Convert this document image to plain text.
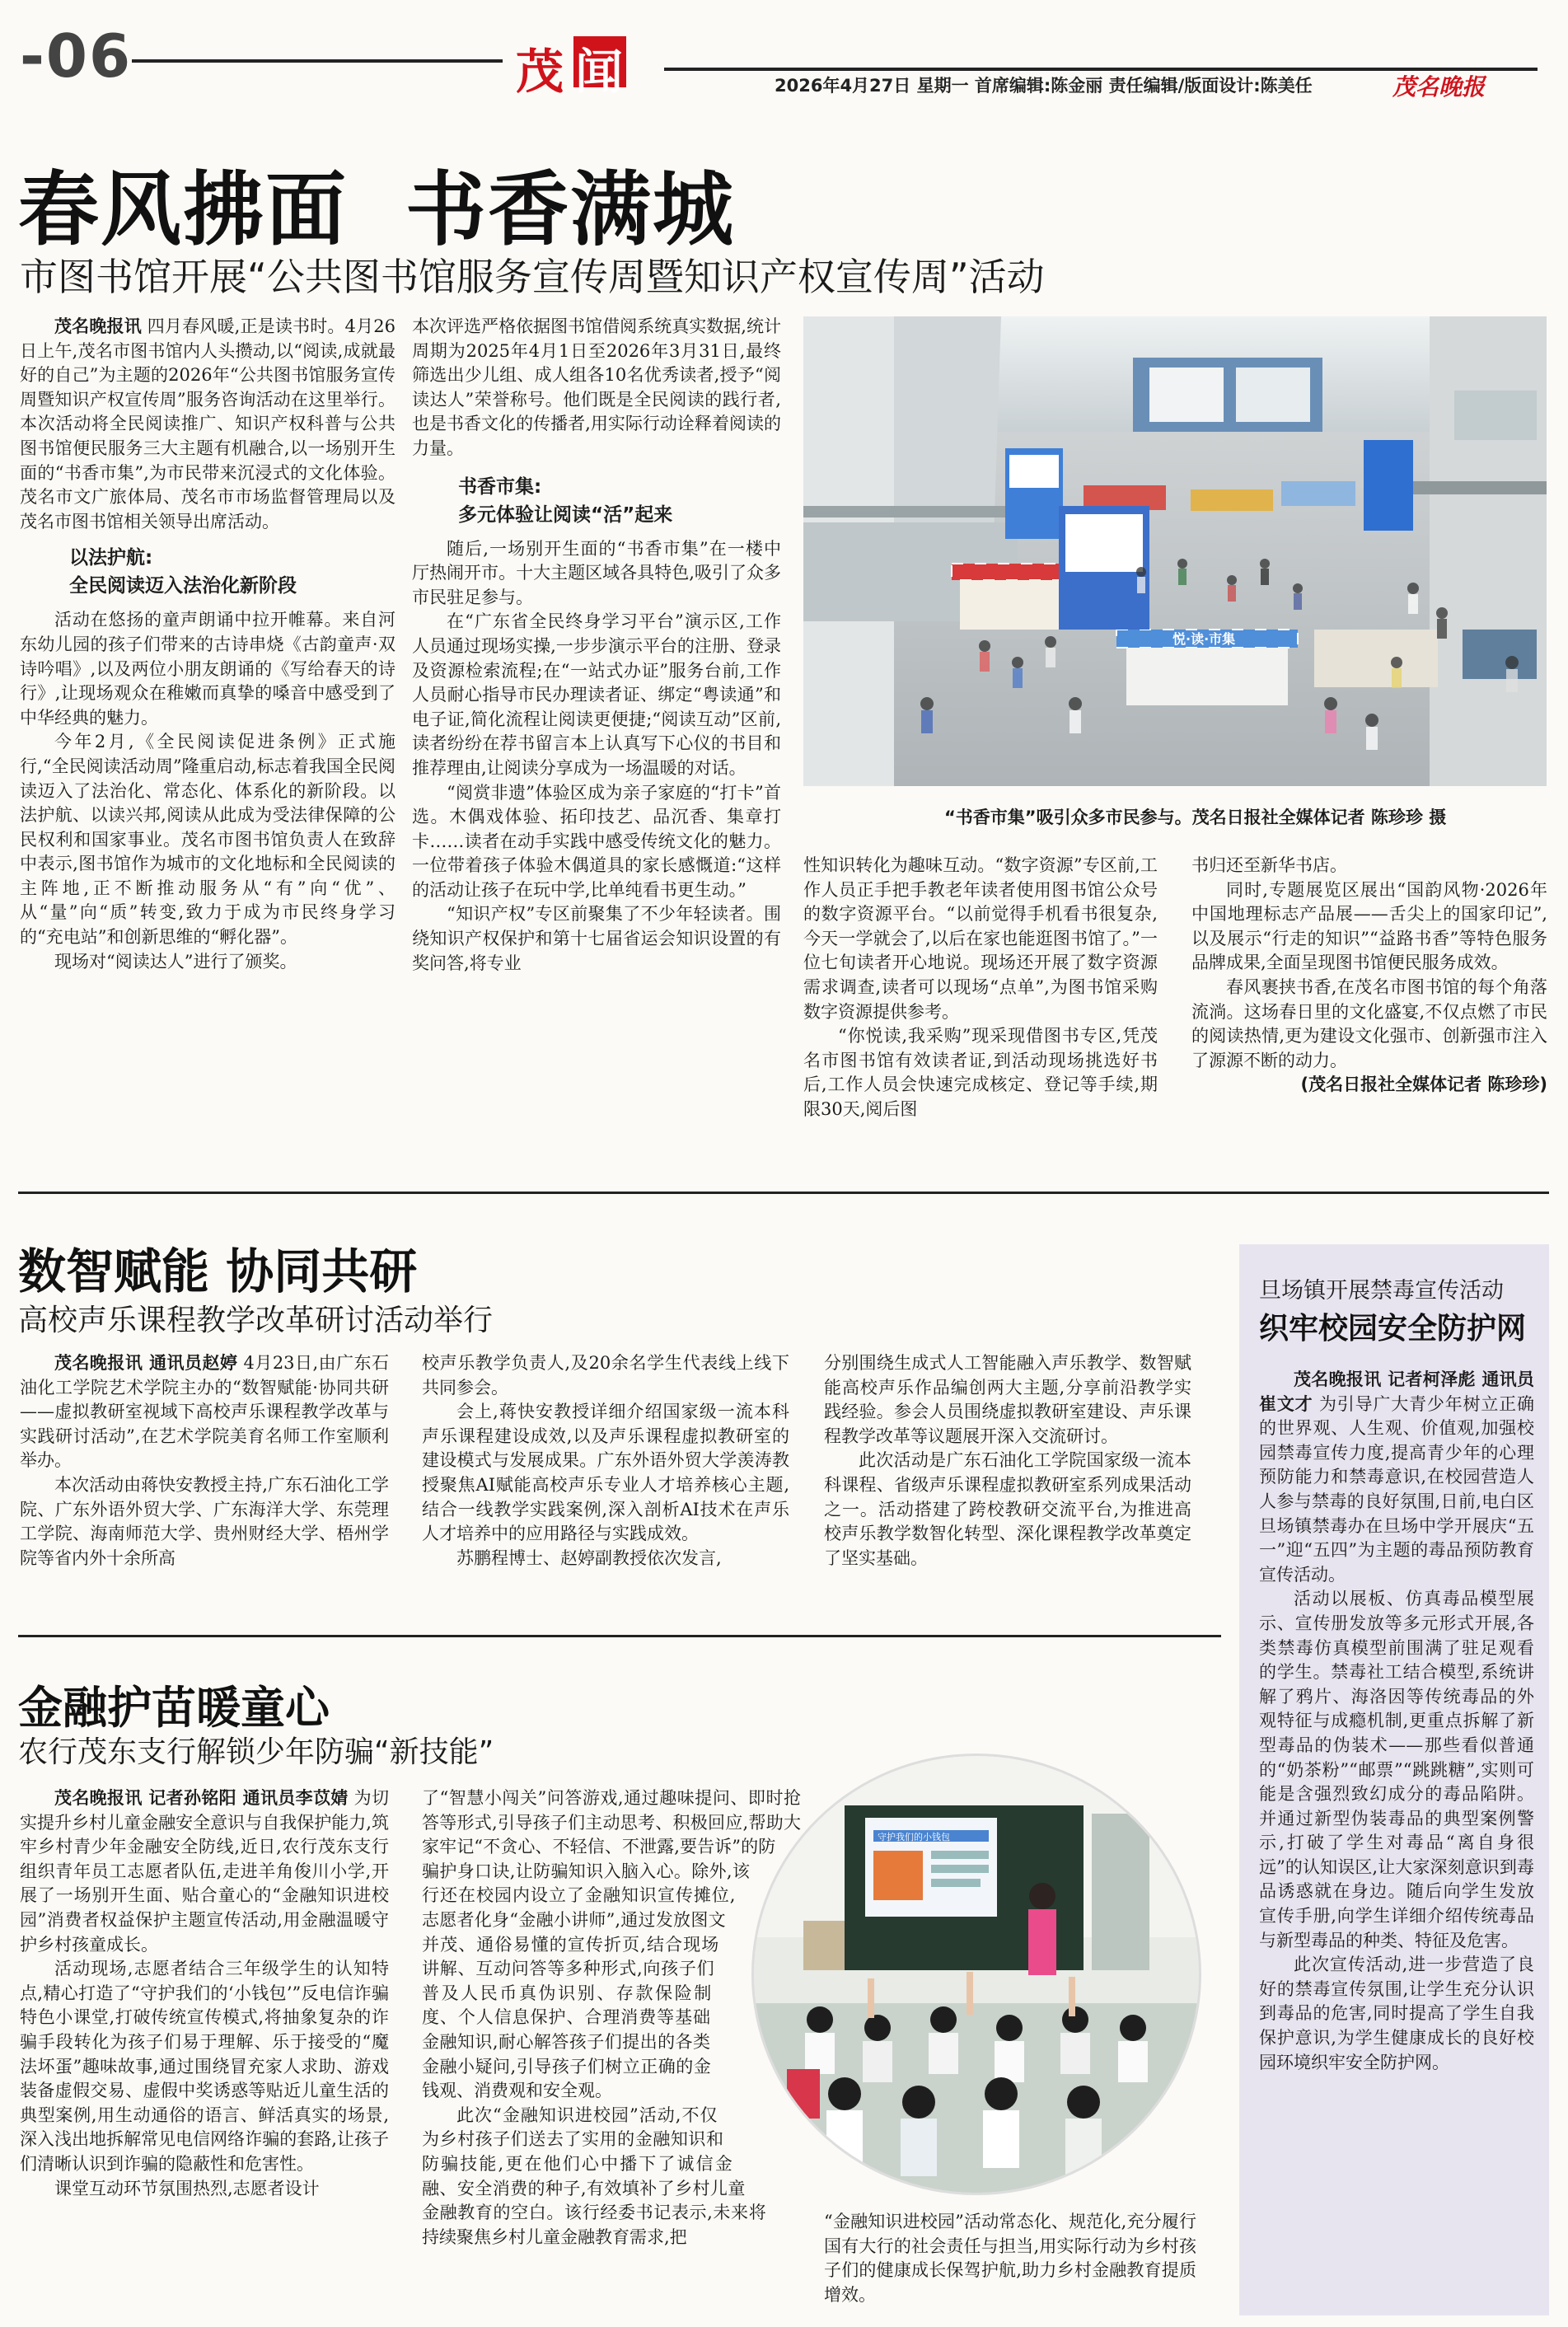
-06	茂 闻	2026年4月27日 星期一 首席编辑:陈金丽 责任编辑/版面设计:陈美任	茂名晚报
春风拂面 书香满城
市图书馆开展“公共图书馆服务宣传周暨知识产权宣传周”活动

茂名晚报讯 四月春风暖,正是读书时。4月26日上午,茂名市图书馆内人头攒动,以“阅读,成就最好的自己”为主题的2026年“公共图书馆服务宣传周暨知识产权宣传周”服务咨询活动在这里举行。本次活动将全民阅读推广、知识产权科普与公共图书馆便民服务三大主题有机融合,以一场别开生面的“书香市集”,为市民带来沉浸式的文化体验。茂名市文广旅体局、茂名市市场监督管理局以及茂名市图书馆相关领导出席活动。

以法护航:
全民阅读迈入法治化新阶段

活动在悠扬的童声朗诵中拉开帷幕。来自河东幼儿园的孩子们带来的古诗串烧《古韵童声·双诗吟唱》,以及两位小朋友朗诵的《写给春天的诗行》,让现场观众在稚嫩而真挚的嗓音中感受到了中华经典的魅力。

今年2月,《全民阅读促进条例》正式施行,“全民阅读活动周”隆重启动,标志着我国全民阅读迈入了法治化、常态化、体系化的新阶段。以法护航、以读兴邦,阅读从此成为受法律保障的公民权利和国家事业。茂名市图书馆负责人在致辞中表示,图书馆作为城市的文化地标和全民阅读的主阵地,正不断推动服务从“有”向“优”、从“量”向“质”转变,致力于成为市民终身学习的“充电站”和创新思维的“孵化器”。

现场对“阅读达人”进行了颁奖。

本次评选严格依据图书馆借阅系统真实数据,统计周期为2025年4月1日至2026年3月31日,最终筛选出少儿组、成人组各10名优秀读者,授予“阅读达人”荣誉称号。他们既是全民阅读的践行者,也是书香文化的传播者,用实际行动诠释着阅读的力量。

书香市集:
多元体验让阅读“活”起来

随后,一场别开生面的“书香市集”在一楼中厅热闹开市。十大主题区域各具特色,吸引了众多市民驻足参与。

在“广东省全民终身学习平台”演示区,工作人员通过现场实操,一步步演示平台的注册、登录及资源检索流程;在“一站式办证”服务台前,工作人员耐心指导市民办理读者证、绑定“粤读通”和电子证,简化流程让阅读更便捷;“阅读互动”区前,读者纷纷在荐书留言本上认真写下心仪的书目和推荐理由,让阅读分享成为一场温暖的对话。

“阅赏非遗”体验区成为亲子家庭的“打卡”首选。木偶戏体验、拓印技艺、品沉香、集章打卡……读者在动手实践中感受传统文化的魅力。一位带着孩子体验木偶道具的家长感慨道:“这样的活动让孩子在玩中学,比单纯看书更生动。”

“知识产权”专区前聚集了不少年轻读者。围绕知识产权保护和第十七届省运会知识设置的有奖问答,将专业

悦·读·市集
“书香市集”吸引众多市民参与。茂名日报社全媒体记者 陈珍珍 摄

性知识转化为趣味互动。“数字资源”专区前,工作人员正手把手教老年读者使用图书馆公众号的数字资源平台。“以前觉得手机看书很复杂,今天一学就会了,以后在家也能逛图书馆了。”一位七旬读者开心地说。现场还开展了数字资源需求调查,读者可以现场“点单”,为图书馆采购数字资源提供参考。

“你悦读,我采购”现采现借图书专区,凭茂名市图书馆有效读者证,到活动现场挑选好书后,工作人员会快速完成核定、登记等手续,期限30天,阅后图

书归还至新华书店。

同时,专题展览区展出“国韵风物·2026年中国地理标志产品展——舌尖上的国家印记”,以及展示“行走的知识”“益路书香”等特色服务品牌成果,全面呈现图书馆便民服务成效。

春风裹挟书香,在茂名市图书馆的每个角落流淌。这场春日里的文化盛宴,不仅点燃了市民的阅读热情,更为建设文化强市、创新强市注入了源源不断的动力。

(茂名日报社全媒体记者 陈珍珍)

数智赋能 协同共研
高校声乐课程教学改革研讨活动举行

茂名晚报讯 通讯员赵婷 4月23日,由广东石油化工学院艺术学院主办的“数智赋能·协同共研——虚拟教研室视域下高校声乐课程教学改革与实践研讨活动”,在艺术学院美育名师工作室顺利举办。

本次活动由蒋快安教授主持,广东石油化工学院、广东外语外贸大学、广东海洋大学、东莞理工学院、海南师范大学、贵州财经大学、梧州学院等省内外十余所高

校声乐教学负责人,及20余名学生代表线上线下共同参会。

会上,蒋快安教授详细介绍国家级一流本科声乐课程建设成效,以及声乐课程虚拟教研室的建设模式与发展成果。广东外语外贸大学羡涛教授聚焦AI赋能高校声乐专业人才培养核心主题,结合一线教学实践案例,深入剖析AI技术在声乐人才培养中的应用路径与实践成效。

苏鹏程博士、赵婷副教授依次发言,

分别围绕生成式人工智能融入声乐教学、数智赋能高校声乐作品编创两大主题,分享前沿教学实践经验。参会人员围绕虚拟教研室建设、声乐课程教学改革等议题展开深入交流研讨。

此次活动是广东石油化工学院国家级一流本科课程、省级声乐课程虚拟教研室系列成果活动之一。活动搭建了跨校教研交流平台,为推进高校声乐教学数智化转型、深化课程教学改革奠定了坚实基础。

金融护苗暖童心
农行茂东支行解锁少年防骗“新技能”

茂名晚报讯 记者孙铭阳 通讯员李苡婧 为切实提升乡村儿童金融安全意识与自我保护能力,筑牢乡村青少年金融安全防线,近日,农行茂东支行组织青年员工志愿者队伍,走进羊角俊川小学,开展了一场别开生面、贴合童心的“金融知识进校园”消费者权益保护主题宣传活动,用金融温暖守护乡村孩童成长。

活动现场,志愿者结合三年级学生的认知特点,精心打造了“守护我们的‘小钱包’”反电信诈骗特色小课堂,打破传统宣传模式,将抽象复杂的诈骗手段转化为孩子们易于理解、乐于接受的“魔法坏蛋”趣味故事,通过围绕冒充家人求助、游戏装备虚假交易、虚假中奖诱惑等贴近儿童生活的典型案例,用生动通俗的语言、鲜活真实的场景,深入浅出地拆解常见电信网络诈骗的套路,让孩子们清晰认识到诈骗的隐蔽性和危害性。

课堂互动环节氛围热烈,志愿者设计

了“智慧小闯关”问答游戏,通过趣味提问、即时抢答等形式,引导孩子们主动思考、积极回应,帮助大家牢记“不贪心、不轻信、不泄露,要告诉”的防骗护身口诀,让防骗知识入脑入心。除外,该行还在校园内设立了金融知识宣传摊位,志愿者化身“金融小讲师”,通过发放图文并茂、通俗易懂的宣传折页,结合现场讲解、互动问答等多种形式,向孩子们普及人民币真伪识别、存款保险制度、个人信息保护、合理消费等基础金融知识,耐心解答孩子们提出的各类金融小疑问,引导孩子们树立正确的金钱观、消费观和安全观。

此次“金融知识进校园”活动,不仅为乡村孩子们送去了实用的金融知识和防骗技能,更在他们心中播下了诚信金融、安全消费的种子,有效填补了乡村儿童金融教育的空白。该行经委书记表示,未来将持续聚焦乡村儿童金融教育需求,把

守护我们的小钱包

“金融知识进校园”活动常态化、规范化,充分履行国有大行的社会责任与担当,用实际行动为乡村孩子们的健康成长保驾护航,助力乡村金融教育提质增效。

旦场镇开展禁毒宣传活动
织牢校园安全防护网

茂名晚报讯 记者柯泽彪 通讯员崔文才 为引导广大青少年树立正确的世界观、人生观、价值观,加强校园禁毒宣传力度,提高青少年的心理预防能力和禁毒意识,在校园营造人人参与禁毒的良好氛围,日前,电白区旦场镇禁毒办在旦场中学开展庆“五一”迎“五四”为主题的毒品预防教育宣传活动。

活动以展板、仿真毒品模型展示、宣传册发放等多元形式开展,各类禁毒仿真模型前围满了驻足观看的学生。禁毒社工结合模型,系统讲解了鸦片、海洛因等传统毒品的外观特征与成瘾机制,更重点拆解了新型毒品的伪装术——那些看似普通的“奶茶粉”“邮票”“跳跳糖”,实则可能是含强烈致幻成分的毒品陷阱。并通过新型伪装毒品的典型案例警示,打破了学生对毒品“离自身很远”的认知误区,让大家深刻意识到毒品诱惑就在身边。随后向学生发放宣传手册,向学生详细介绍传统毒品与新型毒品的种类、特征及危害。

此次宣传活动,进一步营造了良好的禁毒宣传氛围,让学生充分认识到毒品的危害,同时提高了学生自我保护意识,为学生健康成长的良好校园环境织牢安全防护网。
